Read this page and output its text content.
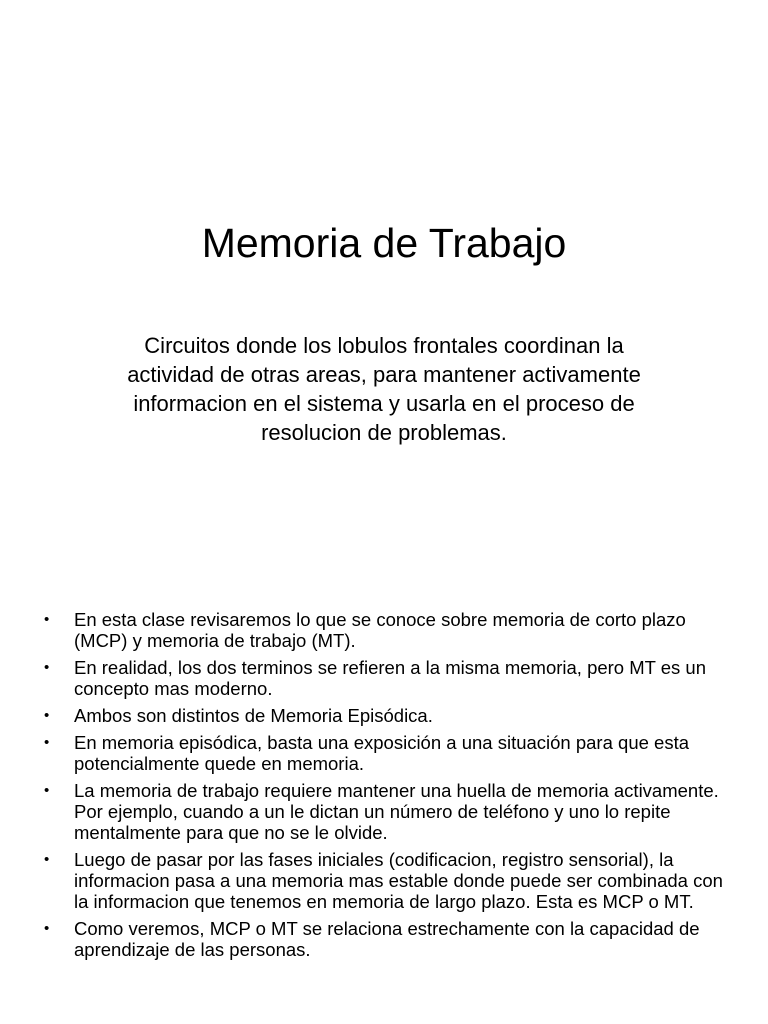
Memoria de Trabajo

Circuitos donde los lobulos frontales coordinan la actividad de otras areas, para mantener activamente informacion en el sistema y usarla en el proceso de resolucion de problemas.

• En esta clase revisaremos lo que se conoce sobre memoria de corto plazo (MCP) y memoria de trabajo (MT).
• En realidad, los dos terminos se refieren a la misma memoria, pero MT es un concepto mas moderno.
• Ambos son distintos de Memoria Episódica.
• En memoria episódica, basta una exposición a una situación para que esta potencialmente quede en memoria.
• La memoria de trabajo requiere mantener una huella de memoria activamente. Por ejemplo, cuando a un le dictan un número de teléfono y uno lo repite mentalmente para que no se le olvide.
• Luego de pasar por las fases iniciales (codificacion, registro sensorial), la informacion pasa a una memoria mas estable donde puede ser combinada con la informacion que tenemos en memoria de largo plazo. Esta es MCP o MT.
• Como veremos, MCP o MT se relaciona estrechamente con la capacidad de aprendizaje de las personas.
